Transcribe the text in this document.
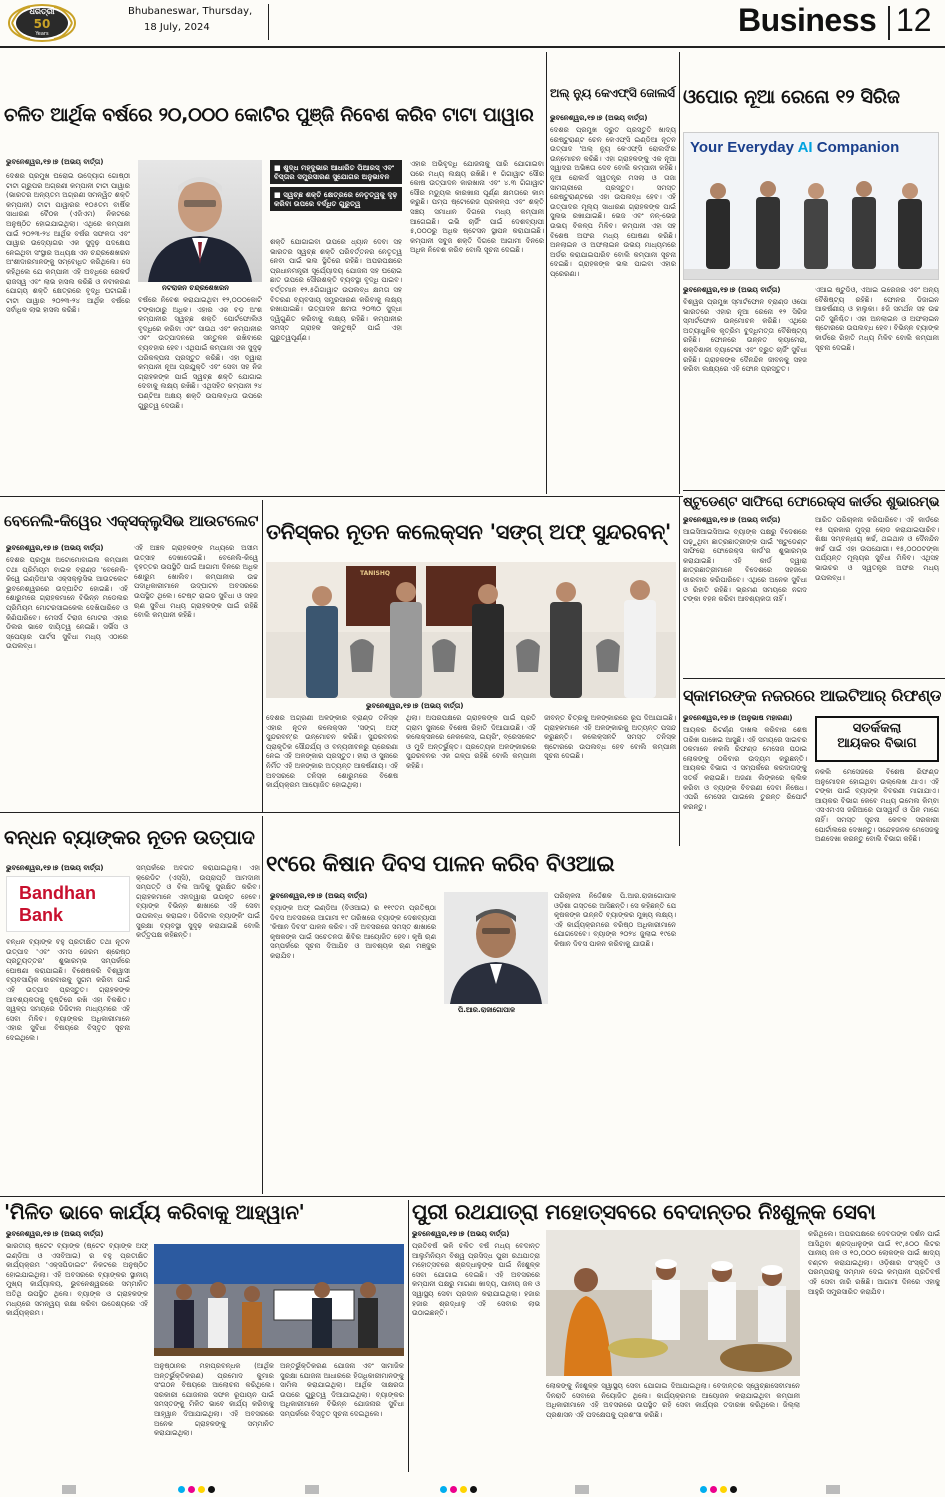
ଧରିତ୍ରୀ
50
Years
Bhubaneswar, Thursday,
18 July, 2024	Business 12
ଚଳିତ ଆର୍ଥିକ ବର୍ଷରେ ୨୦,୦୦୦ କୋଟିର ପୁଞ୍ଜି ନିବେଶ କରିବ ଟାଟା ପାୱାର
ଭୁବନେଶ୍ୱର,୧୭।୭ (ଅଭୟ ବାର୍ତ୍ତା)
ଦେଶର ପ୍ରମୁଖ ଘରୋଇ ଉଦ୍ୟୋଗ ଗୋଷ୍ଠୀ ଟାଟା ଗ୍ରୁପର ଅଗ୍ରଣୀ କମ୍ପାନୀ ଟାଟା ପାୱାର (ଭାରତର ଅନ୍ୟତମ ଅଗ୍ରଣୀ ସମନ୍ୱିତ ଶକ୍ତି କମ୍ପାନୀ) ଟାଟା ପାୱାରର ୧୦୫ତମ ବାର୍ଷିକ ସାଧାରଣ ବୈଠକ (ଏଜିଏମ) ନିକଟରେ ଅନୁଷ୍ଠିତ ହୋଇଯାଇଥିଲା। ଏଥିରେ କମ୍ପାନୀ ପାଇଁ ୨୦୨୩-୨୪ ଆର୍ଥିକ ବର୍ଷର ସଫଳତା ଏବଂ ପାୱାର ଉଦ୍ୟୋଗର ଏକ ସୁଦୃଢ଼ ପଦକ୍ଷେପ ନେଇଥିବା ସଂସ୍ଥାର ଅଧ୍ୟକ୍ଷ ଏନ ଚନ୍ଦ୍ରଶେଖରନ ଅଂଶୀଦାରମାନଙ୍କୁ ସମ୍ବୋଧିତ କରିଥିଲେ। ସେ କହିଥିଲେ ଯେ କମ୍ପାନୀ ଏହି ଅବଧିରେ ରେକର୍ଡ ରାଜସ୍ୱ ଏବଂ ଲାଭ ହାସଲ କରିଛି ଓ ନବୀକରଣ ଯୋଗ୍ୟ ଶକ୍ତି କ୍ଷେତ୍ରରେ ବୃଦ୍ଧି ଘଟାଇଛି। ଟାଟା ପାୱାର ୨୦୨୩-୨୪ ଆର୍ଥିକ ବର୍ଷରେ ସର୍ବାଧିକ ଲାଭ ହାସଲ କରିଛି।
ନଟରାଜନ ଚନ୍ଦ୍ରଶେଖରନ
ବର୍ଷରେ ନିବେଶ କରାଯାଇଥିବା ୧୨,୦୦୦କୋଟି ଟଙ୍କାଠାରୁ ଅଧିକ। ଏହାର ଏକ ବଡ଼ ଅଂଶ କମ୍ପାନୀର ସ୍ୱଚ୍ଛ ଶକ୍ତି ପୋର୍ଟଫୋଲିଓ ବୃଦ୍ଧିରେ କରିବା ଏବଂ ସାଉଥ ଏବଂ କମ୍ପାନୀର ଏବଂ ଉତ୍ପାଦନରେ ସନ୍ତୁଳନ ରଖିବାରେ ବ୍ୟବହାର ହେବ। ଏଥିପାଇଁ କମ୍ପାନୀ ଏକ ସୁଦୃଢ଼ ପରିକଳ୍ପନା ପ୍ରସ୍ତୁତ କରିଛି। ଏହା ଦ୍ୱାରା କମ୍ପାନୀ ନୂଆ ପ୍ରଯୁକ୍ତି ଏବଂ ସେବା ସହ ନିଜ ଗ୍ରାହକଙ୍କ ପାଇଁ ସ୍ୱଚ୍ଛ ଶକ୍ତି ଯୋଗାଇ ଦେବାକୁ ଲକ୍ଷ୍ୟ ରଖିଛି। ଏଥିସହିତ କମ୍ପାନୀ ୨୪ ଘଣ୍ଟିଆ ଅକ୍ଷୟ ଶକ୍ତି ଉପଲବ୍ଧତା ଉପରେ ଗୁରୁତ୍ୱ ଦେଉଛି।
■ ଶୁଦ୍ଧ ମହ୍ଦୁଭାର ଆଧାରିତ ପିଆରସ୍ ଏବଂ ବିସ୍ତାର ସମ୍ପ୍ରସାରଣ ସୁଯୋଗର ଅନୁଭାବନ
■ ସ୍ୱଚ୍ଛ ଶକ୍ତି କ୍ଷେତ୍ରରେ ନେତୃତ୍ୱକୁ ଦୃଢ଼ କରିବା ଉପରେ ବର୍ଦ୍ଧିତ ଗୁରୁତ୍ୱ
ଶକ୍ତି ଯୋଗାଇବା ଉପରେ ଧ୍ୟାନ ଦେବା ସହ ଭାରତର ସ୍ୱଚ୍ଛ ଶକ୍ତି ପରିବର୍ତ୍ତନର ନେତୃତ୍ୱ ନେବା ପାଇଁ ଭଲ ସ୍ଥିତିରେ ରହିଛି। ଅପରପକ୍ଷରେ ପ୍ରଧାନମନ୍ତ୍ରୀ ସୂର୍ଯ୍ୟୋଦୟ ଯୋଜନା ସହ ଘରୋଇ ଛାତ ଉପରେ ସୌରଶକ୍ତି ବ୍ୟବସ୍ଥା ବୃଦ୍ଧି ପାଇବ। ବର୍ତ୍ତମାନ ୧୨.୫ଗିଗାୱାଟ ଉପଲବ୍ଧ କ୍ଷମତା ସହ ବିତରଣ ବ୍ୟବସାୟ ସମ୍ପ୍ରସାରଣ କରିବାକୁ ଲକ୍ଷ୍ୟ ରଖାଯାଇଛି। ଉତ୍ପାଦନ କ୍ଷମତା ୨୦୩୦ ସୁଦ୍ଧା ଦ୍ୱିଗୁଣିତ କରିବାକୁ ଲକ୍ଷ୍ୟ ରହିଛି। କମ୍ପାନୀର ସମସ୍ତ ଗ୍ରାହକ ସନ୍ତୁଷ୍ଟି ପାଇଁ ଏହା ଗୁରୁତ୍ୱପୂର୍ଣ୍ଣ।
ଏହାର ଅଭିବୃଦ୍ଧି ଯୋଜନାକୁ ପାରି ଯୋଗାଇବା ପରେ ମଧ୍ୟ ଲକ୍ଷ୍ୟ ରଖିଛି। ୧ ଗିଗାୱାଟ ସୌର କୋଷ ଉତ୍ପାଦନ କାରଖାନା ଏବଂ ୪.୩ ଗିଗାୱାଟ ସୌର ମଡ୍ୟୁଲ କାରଖାନା ପୂର୍ଣ୍ଣ କ୍ଷମତାରେ କାମ କରୁଛି। ପମ୍ପ ଷ୍ଟୋରେଜ ପ୍ରକଳ୍ପ ଏବଂ ଶକ୍ତି ସଞ୍ଚୟ ସମାଧାନ ଦିଗରେ ମଧ୍ୟ କମ୍ପାନୀ ଆଗେଇଛି। ଇଭି ଚାର୍ଜିଂ ପାଇଁ ଦେଶବ୍ୟାପୀ ୫,୦୦୦ରୁ ଅଧିକ ଷ୍ଟେସନ ସ୍ଥାପନ କରାଯାଇଛି। କମ୍ପାନୀ ସବୁଜ ଶକ୍ତି ଦିଗରେ ଆଗାମୀ ଦିନରେ ଅଧିକ ନିବେଶ କରିବ ବୋଲି ସୂଚନା ଦେଇଛି।
ଅଲ୍ ନ୍ୟୁ କେଏଫ୍‌ସି ଜୋଲର୍ସ
ଭୁବନେଶ୍ୱର,୧୭।୭ (ଅଭୟ ବାର୍ତ୍ତା)
ଦେଶର ପ୍ରମୁଖ ଦ୍ରୁତ ପ୍ରସ୍ତୁତି ଖାଦ୍ୟ ରେଷ୍ଟୁରାଣ୍ଟ ଚେନ କେଏଫ୍‌ସି ଇଣ୍ଡିଆ ନୂତନ ଉତ୍ପାଦ 'ଅଲ୍ ନ୍ୟୁ କେଏଫ୍‌ସି ରୋଲର୍ସ'ର ଉନ୍ମୋଚନ କରିଛି। ଏହା ଗ୍ରାହକଙ୍କୁ ଏକ ନୂଆ ସ୍ୱାଦର ଅଭିଜ୍ଞତା ଦେବ ବୋଲି କମ୍ପାନୀ କହିଛି। ନୂଆ ରୋଲର୍ସ ସ୍ୱତନ୍ତ୍ର ମସଲା ଓ ତାଜା ସାମଗ୍ରୀରେ ପ୍ରସ୍ତୁତ। ସମସ୍ତ ରେଷ୍ଟୁରାଣ୍ଟରେ ଏହା ଉପଲବ୍ଧ ହେବ। ଏହି ଉତ୍ପାଦର ମୂଲ୍ୟ ସାଧାରଣ ଗ୍ରାହକଙ୍କ ପାଇଁ ସୁଲଭ ରଖାଯାଇଛି। ଭେଜ ଏବଂ ନନ୍-ଭେଜ ଉଭୟ ବିକଳ୍ପ ମିଳିବ। କମ୍ପାନୀ ଏହା ସହ ବିଶେଷ ଅଫର ମଧ୍ୟ ଘୋଷଣା କରିଛି। ଅନଲାଇନ ଓ ଅଫଲାଇନ ଉଭୟ ମାଧ୍ୟମରେ ଅର୍ଡର କରାଯାଇପାରିବ ବୋଲି କମ୍ପାନୀ ସୂଚନା ଦେଇଛି। ଗ୍ରାହକଙ୍କ ଭଲ ପାଇବା ଏହାର ପ୍ରେରଣା।
ଓପୋର ନୂଆ ରେନୋ ୧୨ ସିରିଜ
Your Everyday AI Companion
ଭୁବନେଶ୍ୱର,୧୭।୭ (ଅଭୟ ବାର୍ତ୍ତା)
ବିଶ୍ୱର ପ୍ରମୁଖ ସ୍ମାର୍ଟଫୋନ ବ୍ରାଣ୍ଡ ଓପୋ ଭାରତରେ ଏହାର ନୂଆ ରେନୋ ୧୨ ସିରିଜ ସ୍ମାର୍ଟଫୋନ ଉନ୍ମୋଚନ କରିଛି। ଏଥିରେ ଅତ୍ୟାଧୁନିକ କୃତ୍ରିମ ବୁଦ୍ଧିମତ୍ତା ବୈଶିଷ୍ଟ୍ୟ ରହିଛି। ଫୋନରେ ଉନ୍ନତ କ୍ୟାମେରା, ଶକ୍ତିଶାଳୀ ବ୍ୟାଟେରୀ ଏବଂ ଦ୍ରୁତ ଚାର୍ଜିଂ ସୁବିଧା ରହିଛି। ଗ୍ରାହକଙ୍କ ଦୈନନ୍ଦିନ ଜୀବନକୁ ସହଜ କରିବା ଲକ୍ଷ୍ୟରେ ଏହି ଫୋନ ପ୍ରସ୍ତୁତ।
ଏଆଇ ଷ୍ଟୁଡିଓ, ଏଆଇ ଇରେଜର ଏବଂ ଅନ୍ୟ ବୈଶିଷ୍ଟ୍ୟ ରହିଛି। ଫୋନର ଡିଜାଇନ ଆକର୍ଷଣୀୟ ଓ ହାଲୁକା। ୫ଜି ସମର୍ଥନ ସହ ଉଚ୍ଚ ଗତି ସୁନିଶ୍ଚିତ। ଏହା ଅନଲାଇନ ଓ ଅଫଲାଇନ ଷ୍ଟୋରରେ ଉପଲବ୍ଧ ହେବ। ବିଭିନ୍ନ ବ୍ୟାଙ୍କ କାର୍ଡରେ ରିହାତି ମଧ୍ୟ ମିଳିବ ବୋଲି କମ୍ପାନୀ ସୂଚନା ଦେଇଛି।
ବେନେଲି-କିୱେର ଏକ୍ସକ୍ଲୁସିଭ ଆଉଟଲେଟ
ଭୁବନେଶ୍ୱର,୧୭।୭ (ଅଭୟ ବାର୍ତ୍ତା)
ଦେଶର ପ୍ରମୁଖ ଅଟୋମୋବାଇଲ କମ୍ପାନୀ ତଥା ପ୍ରିମିୟମ ବାଇକ ବ୍ରାଣ୍ଡ 'ବେନେଲି-କିୱେ ଇଣ୍ଡିଆ'ର ଏକ୍ସକ୍ଲୁସିଭ ଆଉଟଲେଟ ଭୁବନେଶ୍ୱରରେ ଉଦ୍‌ଘାଟିତ ହୋଇଛି। ଏହି ଶୋରୁମରେ ଗ୍ରାହକମାନେ ବିଭିନ୍ନ ମଡେଲର ପ୍ରିମିୟମ ମୋଟରସାଇକେଲ ଦେଖିପାରିବେ ଓ କିଣିପାରିବେ। ମେସର୍ସ ଟିରାଜ ମୋଟର ଏହାର ଡିଲର ଭାବେ ଦାୟିତ୍ୱ ନେଇଛି। ସର୍ଭିସ ଓ ସ୍ପେୟାର ପାର୍ଟସ ସୁବିଧା ମଧ୍ୟ ଏଠାରେ ଉପଲବ୍ଧ।
ଏହି ଅଞ୍ଚଳ ଗ୍ରାହକଙ୍କ ମଧ୍ୟରେ ଅସୀମ ଉତ୍ସାହ ଦେଖାଦେଇଛି। ବେନେଲି-କିୱେ ବୃହତ୍ତର ଉପସ୍ଥିତି ପାଇଁ ଆଗାମୀ ଦିନରେ ଅଧିକ ଶୋରୁମ ଖୋଲିବ। କମ୍ପାନୀର ଉଚ୍ଚ ପଦାଧିକାରୀମାନେ ଉଦ୍‌ଘାଟନ ଅବସରରେ ଉପସ୍ଥିତ ଥିଲେ। ଟେଷ୍ଟ ରାଇଡ ସୁବିଧା ଓ ସହଜ ଋଣ ସୁବିଧା ମଧ୍ୟ ଗ୍ରାହକଙ୍କ ପାଇଁ ରହିଛି ବୋଲି କମ୍ପାନୀ କହିଛି।
ତନିସ୍କର ନୂତନ କଲେକ୍ସନ 'ସଙ୍ଗ୍ ଅଫ୍ ସୁନ୍ଦରବନ୍'
TANISHQ
ଭୁବନେଶ୍ୱର,୧୭।୭ (ଅଭୟ ବାର୍ତ୍ତା)
ଦେଶର ଅଗ୍ରଣୀ ଅଳଙ୍କାର ବ୍ରାଣ୍ଡ ତନିସ୍କ ଏହାର ନୂତନ କଲେକ୍ସନ 'ସଙ୍ଗ୍ ଅଫ୍ ସୁନ୍ଦରବନ୍'ର ଉନ୍ମୋଚନ କରିଛି। ସୁନ୍ଦରବନର ପ୍ରାକୃତିକ ସୌନ୍ଦର୍ଯ୍ୟ ଓ ବନ୍ୟଜୀବନରୁ ପ୍ରେରଣା ନେଇ ଏହି ଅଳଙ୍କାର ପ୍ରସ୍ତୁତ। ହୀରା ଓ ସୁନାରେ ନିର୍ମିତ ଏହି ଅଳଙ୍କାର ଅତ୍ୟନ୍ତ ଆକର୍ଷଣୀୟ। ଏହି ଅବସରରେ ତନିସ୍କ ଶୋରୁମରେ ବିଶେଷ କାର୍ଯ୍ୟକ୍ରମ ଆୟୋଜିତ ହୋଇଥିଲା।
ଥିଲା। ଅପରପକ୍ଷରେ ଗ୍ରାହକଙ୍କ ପାଇଁ ପ୍ରତି ଗ୍ରାମ ସୁନାରେ ବିଶେଷ ରିହାତି ଦିଆଯାଉଛି। ଏହି କଲେକ୍ସନରେ ନେକଲେସ, ଇୟରିଂ, ବ୍ରେସଲେଟ ଓ ମୁଦି ଅନ୍ତର୍ଭୁକ୍ତ। ପ୍ରତ୍ୟେକ ଅଳଙ୍କାରରେ ସୁନ୍ଦରବନର ଏକ ଗଳ୍ପ ରହିଛି ବୋଲି କମ୍ପାନୀ କହିଛି।
ଜୀବନ୍ତ ଚିତ୍ରକୁ ଅଳଙ୍କାରରେ ରୂପ ଦିଆଯାଇଛି। ଗ୍ରାହକମାନେ ଏହି ଅଳଙ୍କାରକୁ ଅତ୍ୟନ୍ତ ପସନ୍ଦ କରୁଛନ୍ତି। କଲେକ୍ସନଟି ସମସ୍ତ ତନିସ୍କ ଷ୍ଟୋରରେ ଉପଲବ୍ଧ ହେବ ବୋଲି କମ୍ପାନୀ ସୂଚନା ଦେଇଛି।
ଷ୍ଟୁଡେଣ୍ଟ ସାଫିରୋ ଫୋରେକ୍ସ କାର୍ଡର ଶୁଭାରମ୍ଭ
ଭୁବନେଶ୍ୱର,୧୭।୭ (ଅଭୟ ବାର୍ତ୍ତା)
ଆଇସିଆଇସିଆଇ ବ୍ୟାଙ୍କ ପକ୍ଷରୁ ବିଦେଶରେ ପଢ଼ୁଥିବା ଛାତ୍ରଛାତ୍ରୀଙ୍କ ପାଇଁ 'ଷ୍ଟୁଡେଣ୍ଟ ସାଫିରୋ ଫୋରେକ୍ସ କାର୍ଡ'ର ଶୁଭାରମ୍ଭ କରାଯାଇଛି। ଏହି କାର୍ଡ ଦ୍ୱାରା ଛାତ୍ରଛାତ୍ରୀମାନେ ବିଦେଶରେ ସହଜରେ କାରବାର କରିପାରିବେ। ଏଥିରେ ଅନେକ ସୁବିଧା ଓ ରିହାତି ରହିଛି। ଭ୍ରମଣ ସମୟରେ ନଗଦ ଟଙ୍କା ବହନ କରିବା ଆବଶ୍ୟକତା ନାହିଁ।
ଆରିତ ପରିଚାଳନା କରିପାରିବେ। ଏହି କାର୍ଡରେ ୧୫ ପ୍ରକାର ମୁଦ୍ରା ଲୋଡ କରାଯାଇପାରିବ। ଶିକ୍ଷା ସମ୍ବନ୍ଧୀୟ ଖର୍ଚ୍ଚ, ଥଇଥାନ ଓ ଦୈନନ୍ଦିନ ଖର୍ଚ୍ଚ ପାଇଁ ଏହା ଉପଯୋଗୀ। ୧୫,୦୦୦ଟଙ୍କା ପର୍ଯ୍ୟନ୍ତ ମୂଲ୍ୟର ସୁବିଧା ମିଳିବ। ଏଥିସହ ଭାଉଚର ଓ ସ୍ୱତନ୍ତ୍ର ଅଫର ମଧ୍ୟ ଉପଲବ୍ଧ।
ସ୍କାମରଙ୍କ ନଜରରେ ଆଇଟିଆର୍ ରିଫଣ୍ଡ
ଭୁବନେଶ୍ୱର,୧୭।୭ (ଅନୁଭାଷ ମହାରଣା)
ଆୟକର ରିଟର୍ଣ୍ଣ ଦାଖଲ କରିବାର ଶେଷ ତାରିଖ ପାଖେଇ ଆସୁଛି। ଏହି ସମୟରେ ସାଇବର ଠକମାନେ ନକଲି ରିଫଣ୍ଡ ମେସେଜ ପଠାଇ ଲୋକଙ୍କୁ ଠକିବାର ଉଦ୍ୟମ କରୁଛନ୍ତି। ଆୟକର ବିଭାଗ ଏ ସମ୍ପର୍କରେ କରଦାତାଙ୍କୁ ସତର୍କ କରାଇଛି। ଅଜଣା ଲିଙ୍କରେ କ୍ଲିକ କରିବା ଓ ବ୍ୟାଙ୍କ ବିବରଣୀ ଦେବା ନିଷେଧ। ଏପରି ମେସେଜ ପାଇଲେ ତୁରନ୍ତ ରିପୋର୍ଟ କରନ୍ତୁ।
ସତର୍କକଲା
ଆୟକର ବିଭାଗ
ନକଲି ମେସେଜରେ ବିଶେଷ ରିଫଣ୍ଡ ଅନୁମୋଦନ ହୋଇଥିବା ଉଲ୍ଲେଖ ଥାଏ। ଏହି ଟଙ୍କା ପାଇଁ ବ୍ୟାଙ୍କ ବିବରଣୀ ମାଗାଯାଏ। ଆୟକର ବିଭାଗ କେବେ ମଧ୍ୟ ଇମେଲ କିମ୍ବା ଏସଏମଏସ ଜରିଆରେ ପାସୱାର୍ଡ ଓ ପିନ ମାଗେ ନାହିଁ। ସମସ୍ତ ସୂଚନା କେବଳ ସରକାରୀ ପୋର୍ଟାଲରେ ଦେଖନ୍ତୁ। ସନ୍ଦେହଜନକ ମେସେଜକୁ ଅଣଦେଖା କରନ୍ତୁ ବୋଲି ବିଭାଗ କହିଛି।
ବନ୍ଧନ ବ୍ୟାଙ୍କର ନୂତନ ଉତ୍ପାଦ
ଭୁବନେଶ୍ୱର,୧୭।୭ (ଅଭୟ ବାର୍ତ୍ତା)
Bandhan
Bank
ବନ୍ଧନ ବ୍ୟାଙ୍କ ବହୁ ପ୍ରତୀକ୍ଷିତ ତଥା ନୂତନ ଉତ୍ପାଦ 'ଏବଂ ଏମସ ଜେରମ ଶ୍ରେଷ୍ଠ ପ୍ରତ୍ୟୁତ୍ତର' ଶୁଭାରମ୍ଭ ସମ୍ପର୍କରେ ଘୋଷଣା କରାଯାଇଛି। ବିଶେଷକରି ବିଶ୍ୱାସୀ ବ୍ୟବସାୟିକ କାରବାରକୁ ସୁଗମ କରିବା ପାଇଁ ଏହି ଉତ୍ପାଦ ପ୍ରସ୍ତୁତ। ଗ୍ରାହକଙ୍କ ଆବଶ୍ୟକତାକୁ ଦୃଷ୍ଟିରେ ରଖି ଏହା ବିକଶିତ। ସ୍ୱଳ୍ପ ସମୟରେ ଡିଜିଟାଲ ମାଧ୍ୟମରେ ଏହି ସେବା ମିଳିବ। ବ୍ୟାଙ୍କର ଅଧିକାରୀମାନେ ଏହାର ସୁବିଧା ବିଷୟରେ ବିସ୍ତୃତ ସୂଚନା ଦେଇଥିଲେ।
ସମ୍ପର୍କରେ ଅବଗତ କରାଯାଇଥିଲା। ଏହା କ୍ରେଡିଟ (ଏସ୍‌ସି), ଉପ୍ରାପ୍ତି ଆମଦାନୀ ସମ୍ପତ୍ତି ଓ ବିଲ ଆଦିକୁ ସୁରକ୍ଷିତ କରିବ। ଗ୍ରାହକମାନେ ଏହାଦ୍ୱାରା ଉପକୃତ ହେବେ। ବ୍ୟାଙ୍କ ବିଭିନ୍ନ ଶାଖାରେ ଏହି ସେବା ଉପଲବ୍ଧ କରାଇବ। ଡିଜିଟାଲ ବ୍ୟାଙ୍କିଂ ପାଇଁ ସୁରକ୍ଷା ବ୍ୟବସ୍ଥା ସୁଦୃଢ଼ କରାଯାଇଛି ବୋଲି କର୍ତ୍ତୃପକ୍ଷ କହିଛନ୍ତି।
୧୯ରେ କିଷାନ ଦିବସ ପାଳନ କରିବ ବିଓଆଇ
ଭୁବନେଶ୍ୱର,୧୭।୭ (ଅଭୟ ବାର୍ତ୍ତା)
ବ୍ୟାଙ୍କ ଅଫ୍ ଇଣ୍ଡିଆ (ବିଓଆଇ) ର ୧୧୯ତମ ପ୍ରତିଷ୍ଠା ଦିବସ ଅବସରରେ ଆଗାମୀ ୧୯ ତାରିଖରେ ବ୍ୟାଙ୍କ ଦେଶବ୍ୟାପୀ 'କିଷାନ ଦିବସ' ପାଳନ କରିବ। ଏହି ଅବସରରେ ସମସ୍ତ ଶାଖାରେ କୃଷକଙ୍କ ପାଇଁ ସଚେତନତା ଶିବିର ଆୟୋଜିତ ହେବ। କୃଷି ଋଣ ସମ୍ପର୍କରେ ସୂଚନା ଦିଆଯିବ ଓ ଆବଶ୍ୟକ ଋଣ ମଞ୍ଜୁର କରାଯିବ।
ପି.ଆର.ରାଜାଗୋପାଳ
ପରିଚାଳନା ନିର୍ଦ୍ଦେଶକ ପି.ଆର.ରାଜାଗୋପାଳ ଓଡ଼ିଶା ଗସ୍ତରେ ଆସିଛନ୍ତି। ସେ କହିଛନ୍ତି ଯେ କୃଷକଙ୍କ ଉନ୍ନତି ବ୍ୟାଙ୍କର ମୁଖ୍ୟ ଲକ୍ଷ୍ୟ। ଏହି କାର୍ଯ୍ୟକ୍ରମରେ ବରିଷ୍ଠ ଅଧିକାରୀମାନେ ଯୋଗଦେବେ। ବ୍ୟାଙ୍କ ୨୦୨୪ ଜୁଲାଇ ୧୯ରେ କିଷାନ ଦିବସ ପାଳନ କରିବାକୁ ଯାଉଛି।
'ମିଳିତ ଭାବେ କାର୍ଯ୍ୟ କରିବାକୁ ଆହ୍ୱାନ'
ଭୁବନେଶ୍ୱର,୧୭।୭ (ଅଭୟ ବାର୍ତ୍ତା)
ଭାରତୀୟ ଷ୍ଟେଟ ବ୍ୟାଙ୍କ (ଷ୍ଟେଟ ବ୍ୟାଙ୍କ ଅଫ୍ ଇଣ୍ଡିଆ ଓ ଏସବିଆଇ) ର ବହୁ ପ୍ରତୀକ୍ଷିତ କାର୍ଯ୍ୟକ୍ରମ 'ଏକ୍ସପିଡାଇଟ' ନିକଟରେ ଅନୁଷ୍ଠିତ ହୋଇଯାଇଥିଲା। ଏହି ଅବସରରେ ବ୍ୟାଙ୍କର ସ୍ଥାନୀୟ ମୁଖ୍ୟ କାର୍ଯ୍ୟାଳୟ, ଭୁବନେଶ୍ୱରରେ ସମ୍ମାନିତ ଅତିଥି ଉପସ୍ଥିତ ଥିଲେ। ବ୍ୟାଙ୍କ ଓ ଗ୍ରାହକଙ୍କ ମଧ୍ୟରେ ସମନ୍ୱୟ ରକ୍ଷା କରିବା ଉଦ୍ଦେଶ୍ୟରେ ଏହି କାର୍ଯ୍ୟକ୍ରମ।
ଅନୁଷ୍ଠାନର ମହାପ୍ରବନ୍ଧକ (ଆର୍ଥିକ ଅନ୍ତର୍ଭୁକ୍ତିକରଣ) ପ୍ରମୋଦ କୁମାର ସଂଗଠନ ବିଷୟରେ ଆଲୋଚନା କରିଥିଲେ। ସରକାରୀ ଯୋଜନାର ସଫଳ ରୂପାୟନ ପାଇଁ ସମସ୍ତଙ୍କୁ ମିଳିତ ଭାବେ କାର୍ଯ୍ୟ କରିବାକୁ ଆହ୍ୱାନ ଦିଆଯାଇଥିଲା। ଏହି ଅବସରରେ ଅନେକ ଗ୍ରାହକଙ୍କୁ ସମ୍ମାନିତ କରାଯାଇଥିଲା।
ଅନ୍ତର୍ଭୁକ୍ତିକରଣ ଯୋଜନା ଏବଂ ସାମାଜିକ ସୁରକ୍ଷା ଯୋଜନା ଆଧାରରେ ହିତାଧିକାରୀମାନଙ୍କୁ ସାମିଲ କରାଯାଇଥିଲା। ଆର୍ଥିକ ସାକ୍ଷରତା ଉପରେ ଗୁରୁତ୍ୱ ଦିଆଯାଇଥିଲା। ବ୍ୟାଙ୍କର ଅଧିକାରୀମାନେ ବିଭିନ୍ନ ଯୋଜନାର ସୁବିଧା ସମ୍ପର୍କରେ ବିସ୍ତୃତ ସୂଚନା ଦେଇଥିଲେ।
ପୁରୀ ରଥଯାତ୍ରା ମହୋତ୍ସବରେ ବେଦାନ୍ତର ନିଃଶୁଳ୍କ ସେବା
ଭୁବନେଶ୍ୱର,୧୭।୭ (ଅଭୟ ବାର୍ତ୍ତା)
ପ୍ରତିବର୍ଷ ଭଳି ଚଳିତ ବର୍ଷ ମଧ୍ୟ ବେଦାନ୍ତ ଆଲୁମିନିୟମ ବିଶ୍ୱ ପ୍ରସିଦ୍ଧ ପୁରୀ ରଥଯାତ୍ରା ମହୋତ୍ସବରେ ଶ୍ରଦ୍ଧାଳୁଙ୍କ ପାଇଁ ନିଃଶୁଳ୍କ ସେବା ଯୋଗାଇ ଦେଇଛି। ଏହି ଅବସରରେ କମ୍ପାନୀ ପକ୍ଷରୁ ମାଗଣା ଖାଦ୍ୟ, ପାନୀୟ ଜଳ ଓ ସ୍ୱାସ୍ଥ୍ୟ ସେବା ପ୍ରଦାନ କରାଯାଇଥିଲା। ହଜାର ହଜାର ଶ୍ରଦ୍ଧାଳୁ ଏହି ସେବାର ଲାଭ ଉଠାଇଛନ୍ତି।
ଲୋକଙ୍କୁ ନିଃଶୁଳ୍କ ସ୍ୱାସ୍ଥ୍ୟ ସେବା ଯୋଗାଇ ଦିଆଯାଇଥିଲା। ବେଦାନ୍ତର ସ୍ୱେଚ୍ଛାସେବୀମାନେ ଦିନରାତି ସେବାରେ ନିୟୋଜିତ ଥିଲେ। କାର୍ଯ୍ୟକ୍ରମର ଆୟୋଜନ କରାଯାଇଥିବା କମ୍ପାନୀ ଅଧିକାରୀମାନେ ଏହି ଅବସରରେ ଉପସ୍ଥିତ ରହି ସେବା କାର୍ଯ୍ୟର ତଦାରଖ କରିଥିଲେ। ଜିଲ୍ଲା ପ୍ରଶାସନ ଏହି ପଦକ୍ଷେପକୁ ପ୍ରଶଂସା କରିଛି।
କରିଥିଲେ। ଅପରପକ୍ଷରେ ଦେବତାଙ୍କ ଦର୍ଶନ ପାଇଁ ଆସିଥିବା ଶ୍ରଦ୍ଧାଳୁଙ୍କ ପାଇଁ ୧୯,୫୦୦ ଲିଟର ପାନୀୟ ଜଳ ଓ ୧୦,୦୦୦ ଲୋକଙ୍କ ପାଇଁ ଖାଦ୍ୟ ବଣ୍ଟନ କରାଯାଇଥିଲା। ଓଡ଼ିଶାର ସଂସ୍କୃତି ଓ ପରମ୍ପରାକୁ ସମ୍ମାନ ଦେଇ କମ୍ପାନୀ ପ୍ରତିବର୍ଷ ଏହି ସେବା ଜାରି ରଖିଛି। ଆଗାମୀ ଦିନରେ ଏହାକୁ ଆହୁରି ସମ୍ପ୍ରସାରିତ କରାଯିବ।
